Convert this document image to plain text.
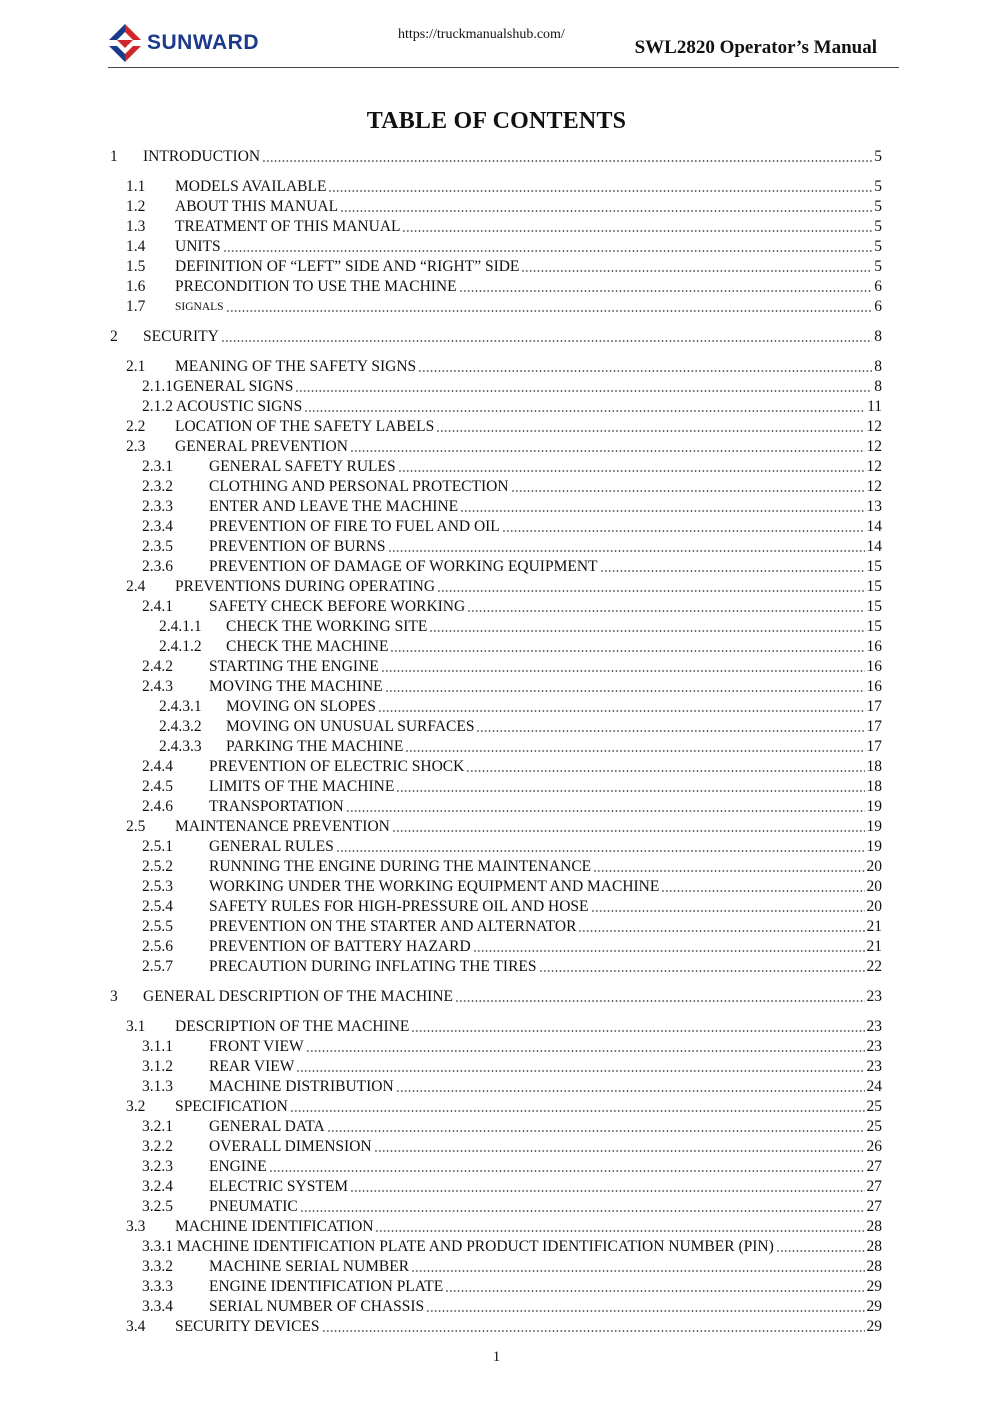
SUNWARD	https://truckmanualshub.com/
SWL2820 Operator’s Manual
TABLE OF CONTENTS
1	INTRODUCTION	5
1.1	MODELS AVAILABLE	5
1.2	ABOUT THIS MANUAL	5
1.3	TREATMENT OF THIS MANUAL	5
1.4	UNITS	5
1.5	DEFINITION OF “LEFT” SIDE AND “RIGHT” SIDE	5
1.6	PRECONDITION TO USE THE MACHINE	6
1.7	SIGNALS	6
2	SECURITY	8
2.1	MEANING OF THE SAFETY SIGNS	8
2.1.1GENERAL SIGNS	8
2.1.2 ACOUSTIC SIGNS	11
2.2	LOCATION OF THE SAFETY LABELS	12
2.3	GENERAL PREVENTION	12
2.3.1	GENERAL SAFETY RULES	12
2.3.2	CLOTHING AND PERSONAL PROTECTION	12
2.3.3	ENTER AND LEAVE THE MACHINE	13
2.3.4	PREVENTION OF FIRE TO FUEL AND OIL	14
2.3.5	PREVENTION OF BURNS	14
2.3.6	PREVENTION OF DAMAGE OF WORKING EQUIPMENT	15
2.4	PREVENTIONS DURING OPERATING	15
2.4.1	SAFETY CHECK BEFORE WORKING	15
2.4.1.1	CHECK THE WORKING SITE	15
2.4.1.2	CHECK THE MACHINE	16
2.4.2	STARTING THE ENGINE	16
2.4.3	MOVING THE MACHINE	16
2.4.3.1	MOVING ON SLOPES	17
2.4.3.2	MOVING ON UNUSUAL SURFACES	17
2.4.3.3	PARKING THE MACHINE	17
2.4.4	PREVENTION OF ELECTRIC SHOCK	18
2.4.5	LIMITS OF THE MACHINE	18
2.4.6	TRANSPORTATION	19
2.5	MAINTENANCE PREVENTION	19
2.5.1	GENERAL RULES	19
2.5.2	RUNNING THE ENGINE DURING THE MAINTENANCE	20
2.5.3	WORKING UNDER THE WORKING EQUIPMENT AND MACHINE	20
2.5.4	SAFETY RULES FOR HIGH-PRESSURE OIL AND HOSE	20
2.5.5	PREVENTION ON THE STARTER AND ALTERNATOR	21
2.5.6	PREVENTION OF BATTERY HAZARD	21
2.5.7	PRECAUTION DURING INFLATING THE TIRES	22
3	GENERAL DESCRIPTION OF THE MACHINE	23
3.1	DESCRIPTION OF THE MACHINE	23
3.1.1	FRONT VIEW	23
3.1.2	REAR VIEW	23
3.1.3	MACHINE DISTRIBUTION	24
3.2	SPECIFICATION	25
3.2.1	GENERAL DATA	25
3.2.2	OVERALL DIMENSION	26
3.2.3	ENGINE	27
3.2.4	ELECTRIC SYSTEM	27
3.2.5	PNEUMATIC	27
3.3	MACHINE IDENTIFICATION	28
3.3.1 MACHINE IDENTIFICATION PLATE AND PRODUCT IDENTIFICATION NUMBER (PIN)	28
3.3.2	MACHINE SERIAL NUMBER	28
3.3.3	ENGINE IDENTIFICATION PLATE	29
3.3.4	SERIAL NUMBER OF CHASSIS	29
3.4	SECURITY DEVICES	29
1
